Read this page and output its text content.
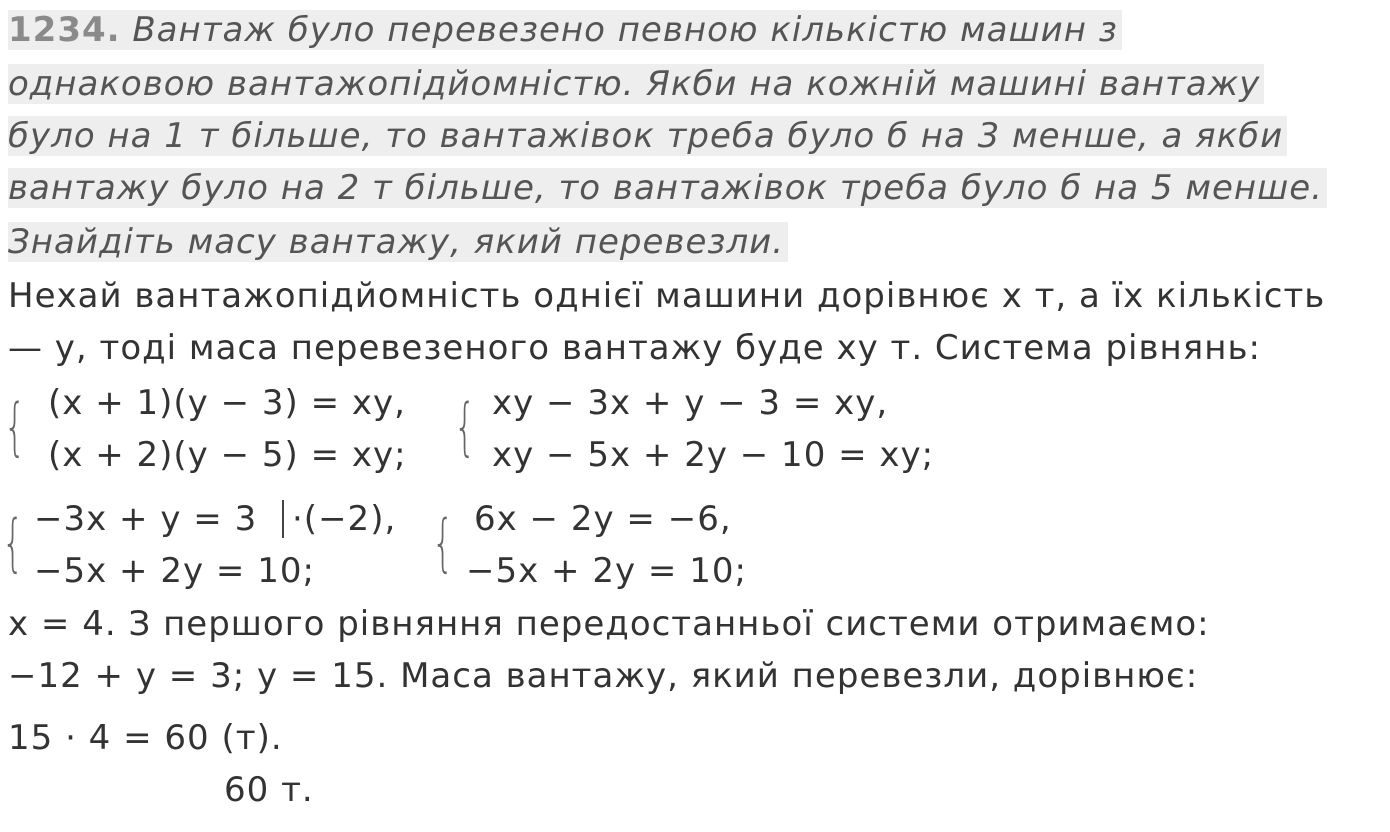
1234. Вантаж було перевезено певною кількістю машин з
однаковою вантажопідйомністю. Якби на кожній машині вантажу
було на 1 т більше, то вантажівок треба було б на 3 менше, а якби
вантажу було на 2 т більше, то вантажівок треба було б на 5 менше.
Знайдіть масу вантажу, який перевезли.
Нехай вантажопідйомність однієї машини дорівнює x т, а їх кількість
— y, тоді маса перевезеного вантажу буде xy т. Система рівнянь:
{ (x + 1)(y − 3) = xy,
(x + 2)(y − 5) = xy; { xy − 3x + y − 3 = xy,
xy − 5x + 2y − 10 = xy;
{ −3x + y = 3 ·(−2),
−5x + 2y = 10; { 6x − 2y = −6,
−5x + 2y = 10;
x = 4. З першого рівняння передостанньої системи отримаємо:
−12 + y = 3; y = 15. Маса вантажу, який перевезли, дорівнює:
15 · 4 = 60 (т).
60 т.
